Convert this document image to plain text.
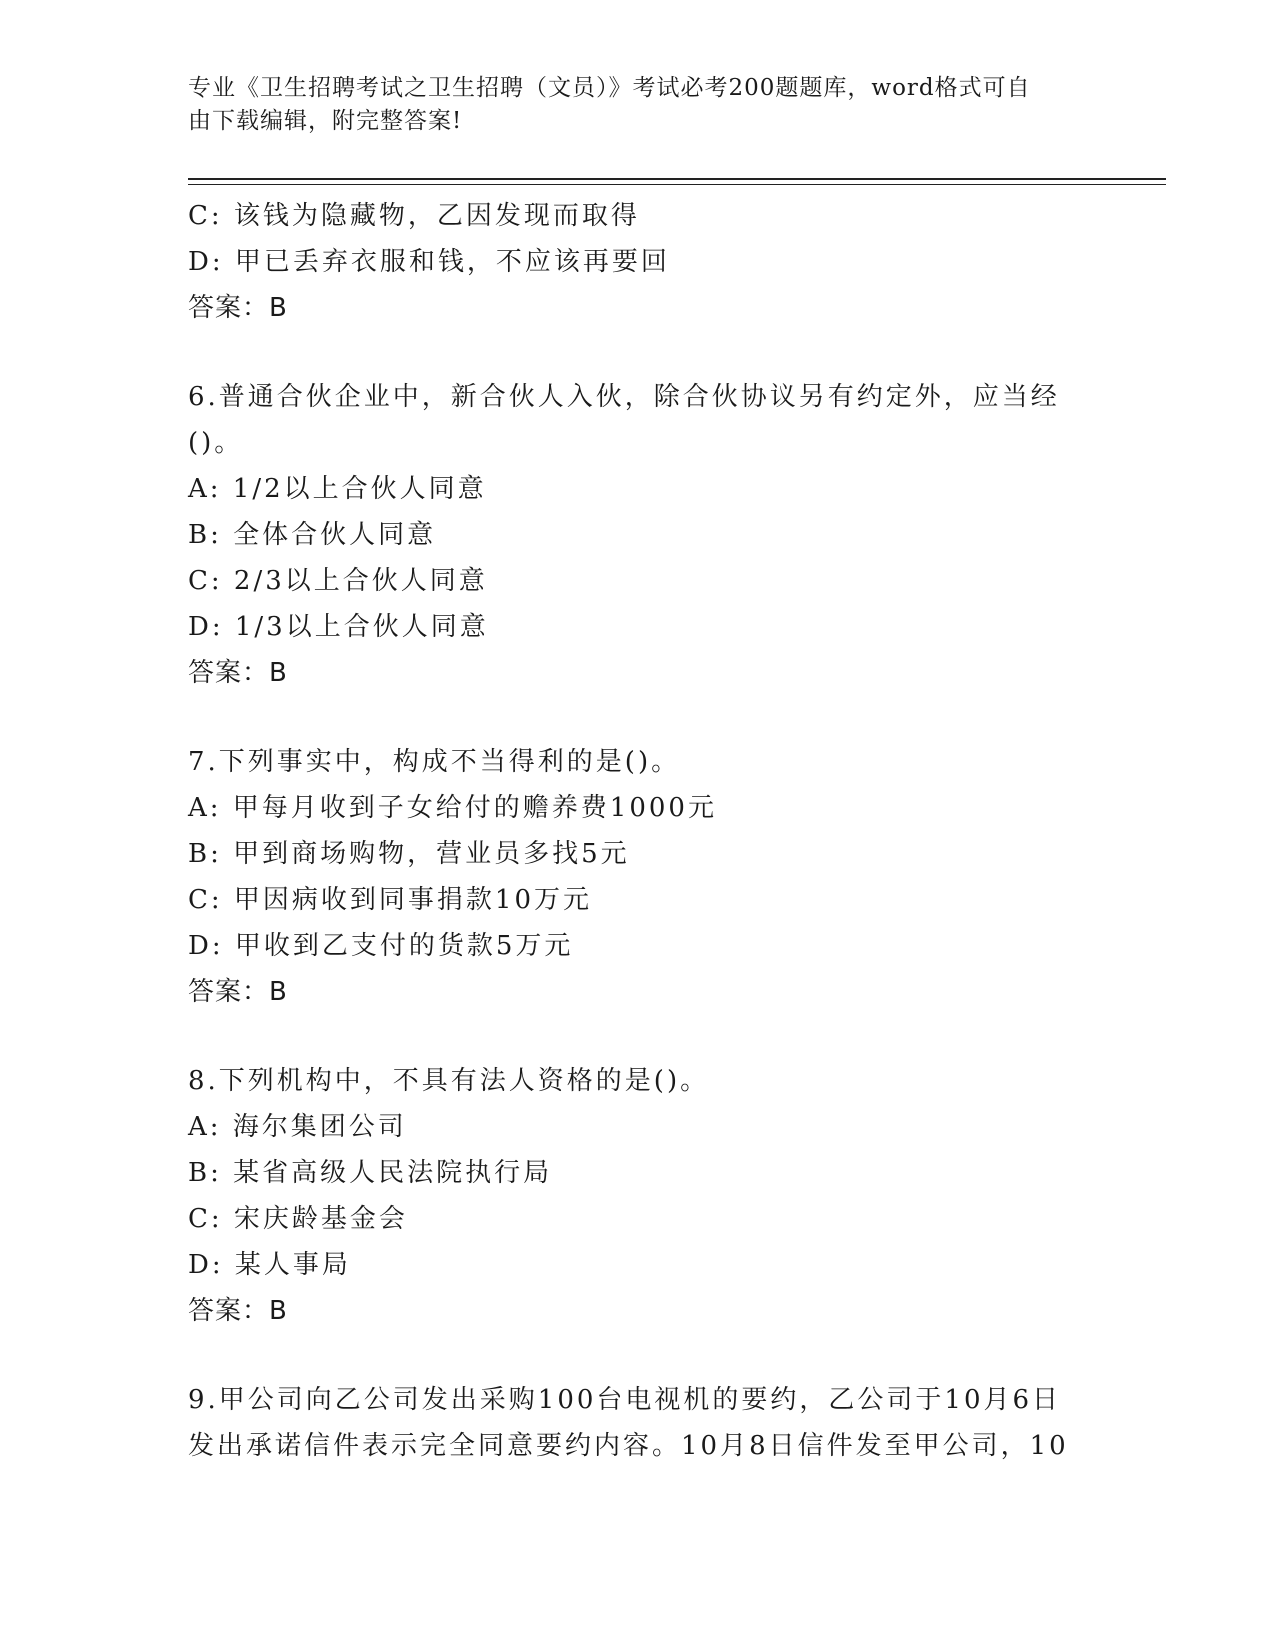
专业《卫生招聘考试之卫生招聘（文员）》考试必考200题题库，word格式可自
由下载编辑，附完整答案!
C: 该钱为隐藏物，乙因发现而取得
D: 甲已丢弃衣服和钱，不应该再要回
答案：B
6.普通合伙企业中，新合伙人入伙，除合伙协议另有约定外，应当经
()。
A: 1/2以上合伙人同意
B: 全体合伙人同意
C: 2/3以上合伙人同意
D: 1/3以上合伙人同意
答案：B
7.下列事实中，构成不当得利的是()。
A: 甲每月收到子女给付的赡养费1000元
B: 甲到商场购物，营业员多找5元
C: 甲因病收到同事捐款10万元
D: 甲收到乙支付的货款5万元
答案：B
8.下列机构中，不具有法人资格的是()。
A: 海尔集团公司
B: 某省高级人民法院执行局
C: 宋庆龄基金会
D: 某人事局
答案：B
9.甲公司向乙公司发出采购100台电视机的要约，乙公司于10月6日
发出承诺信件表示完全同意要约内容。10月8日信件发至甲公司，10
